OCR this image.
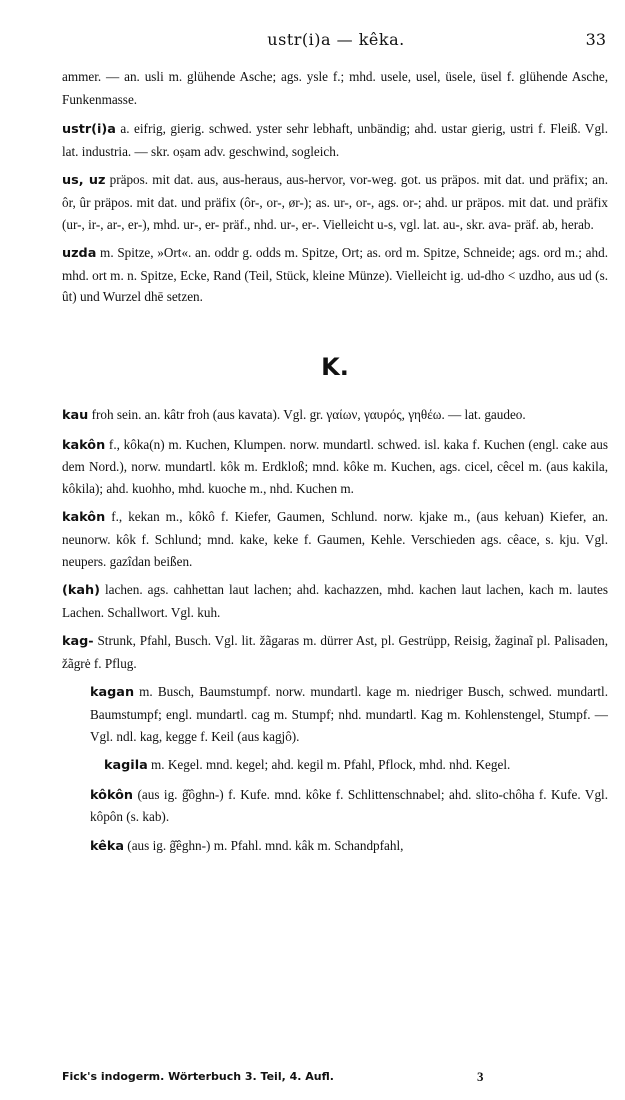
ustr(i)a — kêka.	33

ammer. — an. usli m. glühende Asche; ags. ysle f.; mhd. usele, usel, üsele, üsel f. glühende Asche, Funkenmasse.

ustr(i)a a. eifrig, gierig. schwed. yster sehr lebhaft, unbändig; ahd. ustar gierig, ustri f. Fleiß. Vgl. lat. industria. — skr. oṣam adv. geschwind, sogleich.

us, uz präpos. mit dat. aus, aus-heraus, aus-hervor, vor-weg. got. us präpos. mit dat. und präfix; an. ôr, ûr präpos. mit dat. und präfix (ôr-, or-, ør-); as. ur-, or-, ags. or-; ahd. ur präpos. mit dat. und präfix (ur-, ir-, ar-, er-), mhd. ur-, er- präf., nhd. ur-, er-. Vielleicht u-s, vgl. lat. au-, skr. ava- präf. ab, herab.

uzda m. Spitze, »Ort«. an. oddr g. odds m. Spitze, Ort; as. ord m. Spitze, Schneide; ags. ord m.; ahd. mhd. ort m. n. Spitze, Ecke, Rand (Teil, Stück, kleine Münze). Vielleicht ig. ud-dho < uzdho, aus ud (s. ût) und Wurzel dhē setzen.

K.

kau froh sein. an. kâtr froh (aus kavata). Vgl. gr. γαίων, γαυρός, γηθέω. — lat. gaudeo.

kakôn f., kôka(n) m. Kuchen, Klumpen. norw. mundartl. schwed. isl. kaka f. Kuchen (engl. cake aus dem Nord.), norw. mundartl. kôk m. Erdkloß; mnd. kôke m. Kuchen, ags. cicel, cêcel m. (aus kakila, kôkila); ahd. kuohho, mhd. kuoche m., nhd. Kuchen m.

kakôn f., kekan m., kôkô f. Kiefer, Gaumen, Schlund. norw. kjake m., (aus keƕan) Kiefer, an. neunorw. kôk f. Schlund; mnd. kake, keke f. Gaumen, Kehle. Verschieden ags. cêace, s. kju. Vgl. neupers. gazîdan beißen.

(kah) lachen. ags. cahhettan laut lachen; ahd. kachazzen, mhd. kachen laut lachen, kach m. lautes Lachen. Schallwort. Vgl. kuh.

kag- Strunk, Pfahl, Busch. Vgl. lit. žãgaras m. dürrer Ast, pl. Gestrüpp, Reisig, žaginaĩ pl. Palisaden, žãgrė f. Pflug.

kagan m. Busch, Baumstumpf. norw. mundartl. kage m. niedriger Busch, schwed. mundartl. Baumstumpf; engl. mundartl. cag m. Stumpf; nhd. mundartl. Kag m. Kohlenstengel, Stumpf. — Vgl. ndl. kag, kegge f. Keil (aus kagjô).

kagila m. Kegel. mnd. kegel; ahd. kegil m. Pfahl, Pflock, mhd. nhd. Kegel.

kôkôn (aus ig. ĝ̑ôghn-) f. Kufe. mnd. kôke f. Schlittenschnabel; ahd. slito-chôha f. Kufe. Vgl. kôpôn (s. kab).

kêka (aus ig. ĝ̑êghn-) m. Pfahl. mnd. kâk m. Schandpfahl,

Fick's indogerm. Wörterbuch 3. Teil, 4. Aufl.	3
